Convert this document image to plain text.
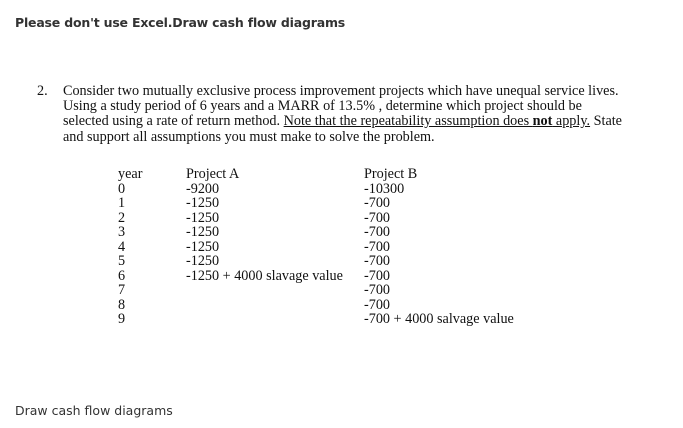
Please don't use Excel.Draw cash flow diagrams
2. Consider two mutually exclusive process improvement projects which have unequal service lives. Using a study period of 6 years and a MARR of 13.5% , determine which project should be selected using a rate of return method. Note that the repeatability assumption does not apply. State and support all assumptions you must make to solve the problem.
year
0
1
2
3
4
5
6
7
8
9
Project A
-9200
-1250
-1250
-1250
-1250
-1250
-1250 + 4000 slavage value
Project B
-10300
-700
-700
-700
-700
-700
-700
-700
-700
-700 + 4000 salvage value
Draw cash flow diagrams
